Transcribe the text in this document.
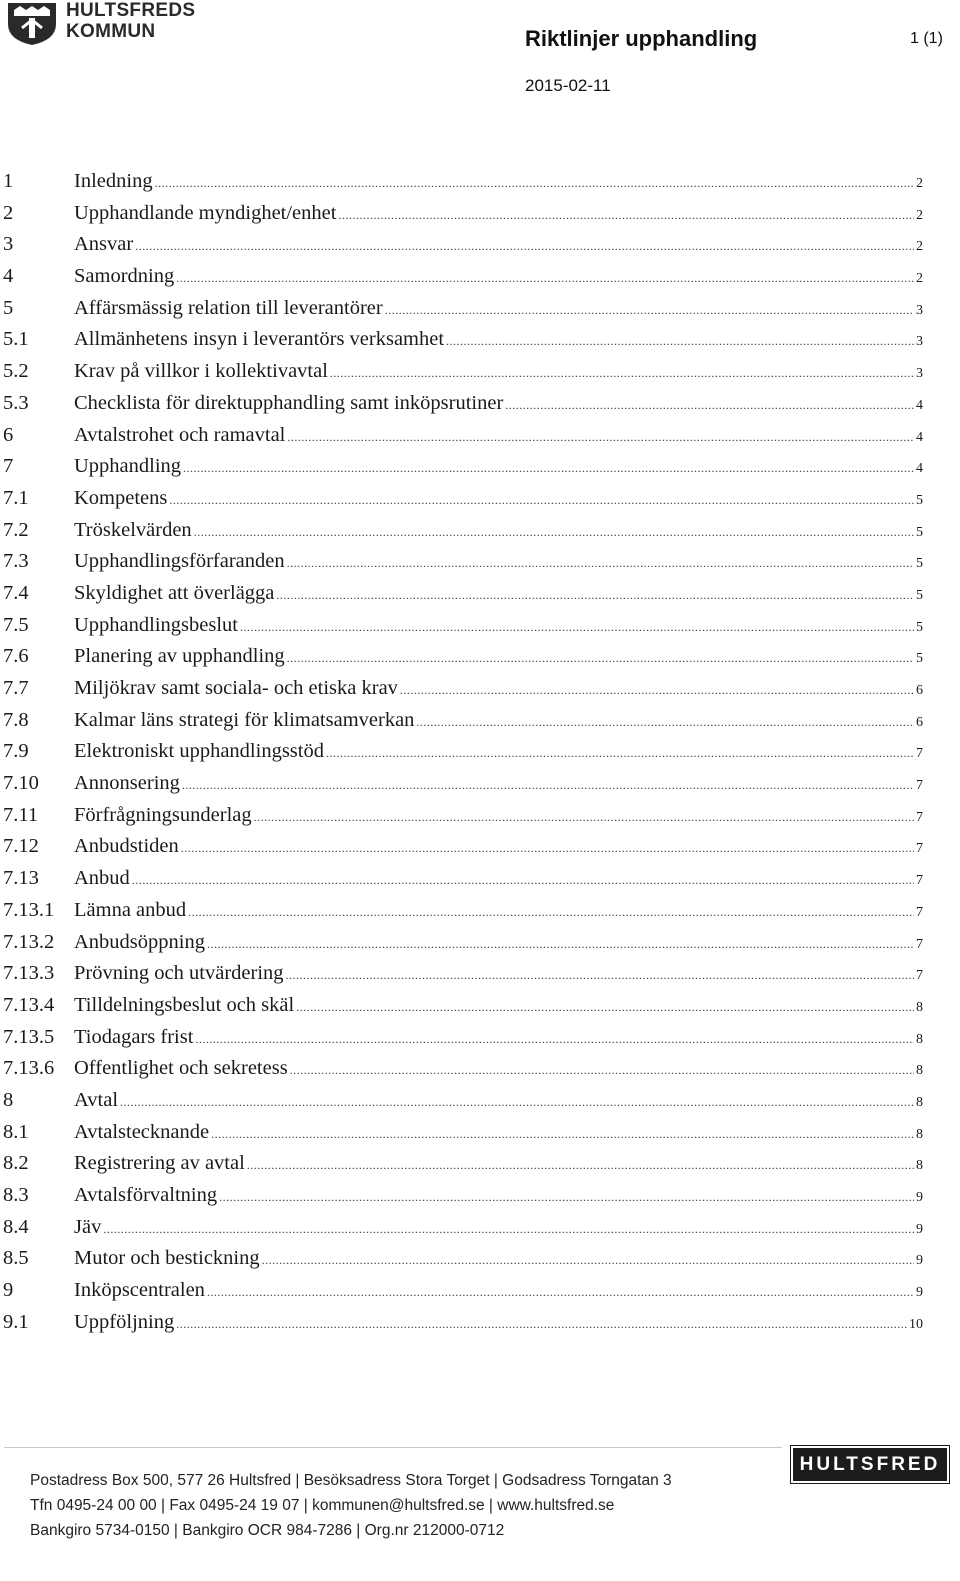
HULTSFREDS
KOMMUN	Riktlinjer upphandling	1 (1)
2015-02-11
1	Inledning .....	2
2	Upphandlande myndighet/enhet .....	2
3	Ansvar .....	2
4	Samordning .....	2
5	Affärsmässig relation till leverantörer .....	3
5.1	Allmänhetens insyn i leverantörs verksamhet .....	3
5.2	Krav på villkor i kollektivavtal .....	3
5.3	Checklista för direktupphandling samt inköpsrutiner .....	4
6	Avtalstrohet och ramavtal .....	4
7	Upphandling .....	4
7.1	Kompetens .....	5
7.2	Tröskelvärden .....	5
7.3	Upphandlingsförfaranden .....	5
7.4	Skyldighet att överlägga .....	5
7.5	Upphandlingsbeslut .....	5
7.6	Planering av upphandling .....	5
7.7	Miljökrav samt sociala- och etiska krav .....	6
7.8	Kalmar läns strategi för klimatsamverkan .....	6
7.9	Elektroniskt upphandlingsstöd .....	7
7.10	Annonsering .....	7
7.11	Förfrågningsunderlag .....	7
7.12	Anbudstiden .....	7
7.13	Anbud .....	7
7.13.1 Lämna anbud .....	7
7.13.2 Anbudsöppning .....	7
7.13.3 Prövning och utvärdering .....	7
7.13.4 Tilldelningsbeslut och skäl .....	8
7.13.5 Tiodagars frist .....	8
7.13.6 Offentlighet och sekretess .....	8
8	Avtal .....	8
8.1	Avtalstecknande .....	8
8.2	Registrering av avtal .....	8
8.3	Avtalsförvaltning .....	9
8.4	Jäv .....	9
8.5	Mutor och bestickning .....	9
9	Inköpscentralen .....	9
9.1	Uppföljning .....	10
Postadress Box 500, 577 26 Hultsfred | Besöksadress Stora Torget | Godsadress Torngatan 3
Tfn 0495-24 00 00 | Fax 0495-24 19 07 | kommunen@hultsfred.se | www.hultsfred.se
Bankgiro 5734-0150 | Bankgiro OCR 984-7286 | Org.nr 212000-0712
HULTSFRED
